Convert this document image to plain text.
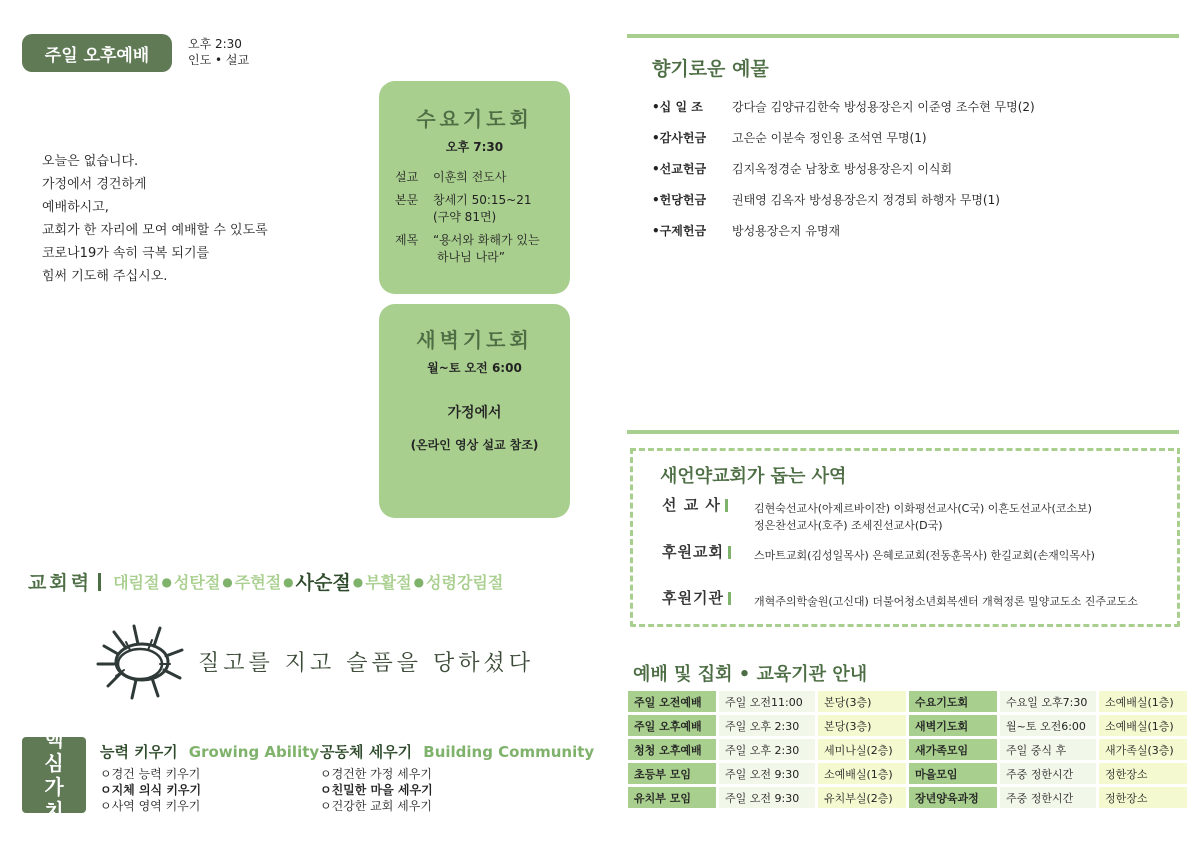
주일 오후예배
오후 2:30
인도 • 설교
오늘은 없습니다.
가정에서 경건하게
예배하시고,
교회가 한 자리에 모여 예배할 수 있도록
코로나19가 속히 극복 되기를
힘써 기도해 주십시오.
수요기도회
오후 7:30
설교	이훈희 전도사
본문	창세기 50:15~21
(구약 81면)
제목	“용서와 화해가 있는
하나님 나라”
새벽기도회
월~토 오전 6:00
가정에서
(온라인 영상 설교 참조)
교회력 대림절 ● 성탄절 ● 주현절 ● 사순절 ● 부활절 ● 성령강림절
질고를 지고 슬픔을 당하셨다
핵심 가치
능력 키우기 Growing Ability
ㅇ경건 능력 키우기
ㅇ지체 의식 키우기
ㅇ사역 영역 키우기
공동체 세우기 Building Community
ㅇ경건한 가정 세우기
ㅇ친밀한 마을 세우기
ㅇ건강한 교회 세우기
향기로운 예물
•십 일 조	강다슬 김양규김한숙 방성용장은지 이준영 조수현 무명(2)
•감사헌금	고은순 이분숙 정인용 조석연 무명(1)
•선교헌금	김지옥정경순 남창호 방성용장은지 이식회
•헌당헌금	권태영 김옥자 방성용장은지 정경퇴 하행자 무명(1)
•구제헌금	방성용장은지 유명재
새언약교회가 돕는 사역
선 교 사	김현숙선교사(아제르바이잔) 이화평선교사(C국) 이흔도선교사(코소보)
정은찬선교사(호주) 조세진선교사(D국)
후원교회	스마트교회(김성일목사) 은혜로교회(전동훈목사) 한길교회(손재익목사)
후원기관	개혁주의학술원(고신대) 더불어청소년회복센터 개혁정론 밀양교도소 진주교도소
예배 및 집회 • 교육기관 안내
주일 오전예배	주일 오전11:00	본당(3층)	수요기도회	수요일 오후7:30	소예배실(1층)
주일 오후예배	주일 오후 2:30	본당(3층)	새벽기도회	월~토 오전6:00	소예배실(1층)
청청 오후예배	주일 오후 2:30	세미나실(2층)	새가족모임	주일 중식 후	새가족실(3층)
초등부 모임	주일 오전 9:30	소예배실(1층)	마을모임	주중 정한시간	정한장소
유치부 모임	주일 오전 9:30	유치부실(2층)	장년양육과정	주중 정한시간	정한장소
